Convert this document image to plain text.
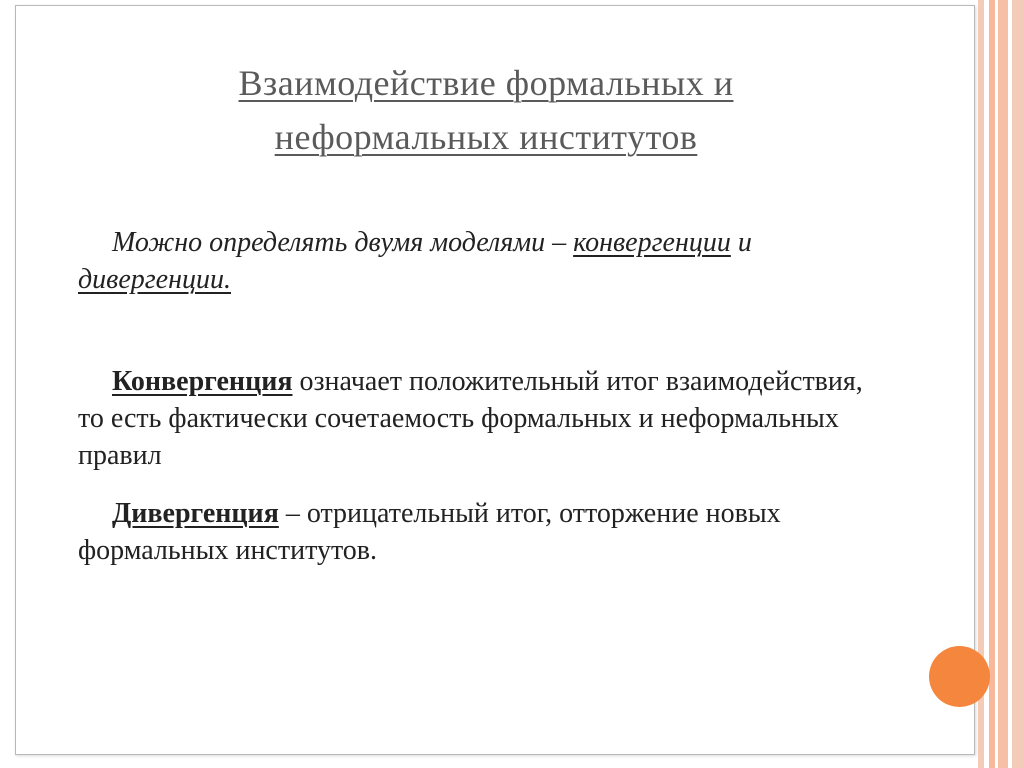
Взаимодействие формальных и
неформальных институтов
Можно определять двумя моделями – конвергенции и дивергенции.
Конвергенция означает положительный итог взаимодействия, то есть фактически сочетаемость формальных и неформальных правил
Дивергенция – отрицательный итог, отторжение новых формальных институтов.
